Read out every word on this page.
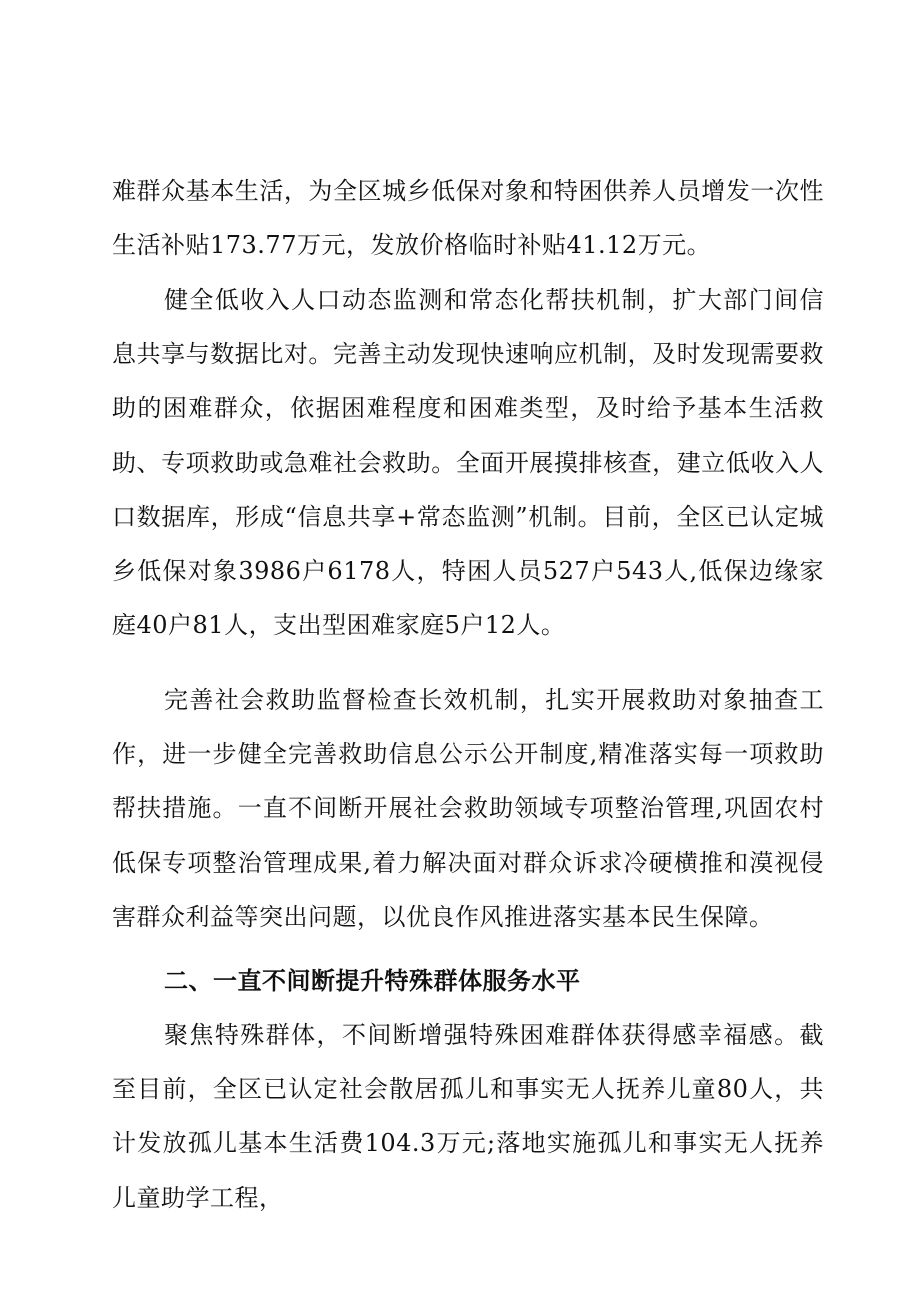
难群众基本生活，为全区城乡低保对象和特困供养人员增发一次性生活补贴173.77万元，发放价格临时补贴41.12万元。

健全低收入人口动态监测和常态化帮扶机制，扩大部门间信息共享与数据比对。完善主动发现快速响应机制，及时发现需要救助的困难群众，依据困难程度和困难类型，及时给予基本生活救助、专项救助或急难社会救助。全面开展摸排核查，建立低收入人口数据库，形成“信息共享+常态监测”机制。目前，全区已认定城乡低保对象3986户6178人，特困人员527户543人,低保边缘家庭40户81人，支出型困难家庭5户12人。

完善社会救助监督检查长效机制，扎实开展救助对象抽查工作，进一步健全完善救助信息公示公开制度,精准落实每一项救助帮扶措施。一直不间断开展社会救助领域专项整治管理,巩固农村低保专项整治管理成果,着力解决面对群众诉求冷硬横推和漠视侵害群众利益等突出问题，以优良作风推进落实基本民生保障。

二、一直不间断提升特殊群体服务水平

聚焦特殊群体，不间断增强特殊困难群体获得感幸福感。截至目前，全区已认定社会散居孤儿和事实无人抚养儿童80人，共计发放孤儿基本生活费104.3万元;落地实施孤儿和事实无人抚养儿童助学工程，
